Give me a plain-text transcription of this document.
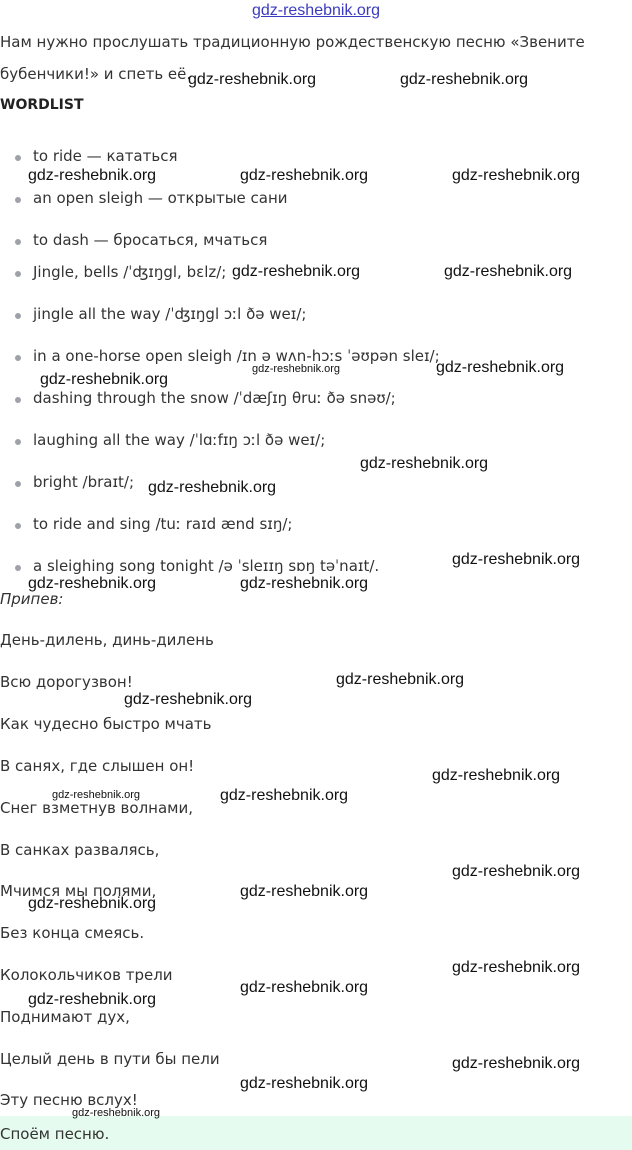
gdz-reshebnik.org
Нам нужно прослушать традиционную рождественскую песню «Звените
бубенчики!» и спеть её.
WORDLIST
to ride — кататься
an open sleigh — открытые сани
to dash — бросаться, мчаться
Jingle, bells /ˈʤɪŋgl, bɛlz/;
jingle all the way /ˈʤɪŋgl ɔːl ðə weɪ/;
in a one-horse open sleigh /ɪn ə wʌn-hɔːs ˈəʊpən sleɪ/;
dashing through the snow /ˈdæʃɪŋ θruː ðə snəʊ/;
laughing all the way /ˈlɑːfɪŋ ɔːl ðə weɪ/;
bright /braɪt/;
to ride and sing /tuː raɪd ænd sɪŋ/;
a sleighing song tonight /ə ˈsleɪɪŋ sɒŋ təˈnaɪt/.
Припев:
День-дилень, динь-дилень
Всю дорогузвон!
Как чудесно быстро мчать
В санях, где слышен он!
Снег взметнув волнами,
В санках развалясь,
Мчимся мы полями,
Без конца смеясь.
Колокольчиков трели
Поднимают дух,
Целый день в пути бы пели
Эту песню вслух!
Споём песню.
gdz-reshebnik.org	gdz-reshebnik.org
gdz-reshebnik.org	gdz-reshebnik.org	gdz-reshebnik.org
gdz-reshebnik.org	gdz-reshebnik.org
gdz-reshebnik.org
gdz-reshebnik.org	gdz-reshebnik.org
gdz-reshebnik.org
gdz-reshebnik.org
gdz-reshebnik.org
gdz-reshebnik.org	gdz-reshebnik.org
gdz-reshebnik.org
gdz-reshebnik.org
gdz-reshebnik.org
gdz-reshebnik.org	gdz-reshebnik.org
gdz-reshebnik.org
gdz-reshebnik.org
gdz-reshebnik.org
gdz-reshebnik.org
gdz-reshebnik.org
gdz-reshebnik.org
gdz-reshebnik.org
gdz-reshebnik.org
gdz-reshebnik.org
